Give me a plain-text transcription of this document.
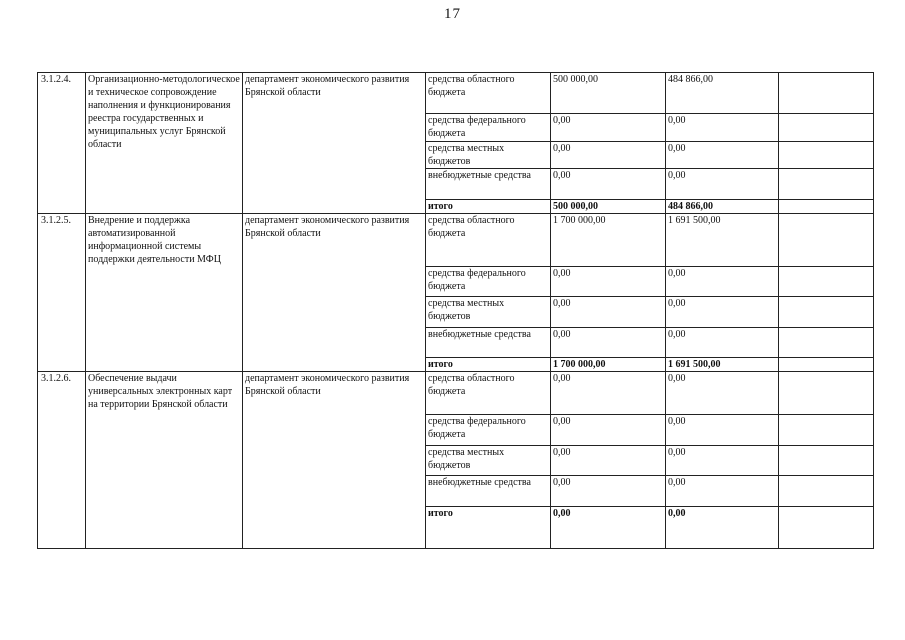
17
3.1.2.4.	Организационно-методологическое и техническое сопровождение наполнения и функционирования реестра государственных и муниципальных услуг Брянской области	департамент экономического развития Брянской области	средства областного бюджета	500 000,00	484 866,00	
			средства федерального бюджета	0,00	0,00	
			средства местных бюджетов	0,00	0,00	
			внебюджетные средства	0,00	0,00	
			итого	500 000,00	484 866,00	
3.1.2.5.	Внедрение и поддержка автоматизированной информационной системы поддержки деятельности МФЦ	департамент экономического развития Брянской области	средства областного бюджета	1 700 000,00	1 691 500,00	
			средства федерального бюджета	0,00	0,00	
			средства местных бюджетов	0,00	0,00	
			внебюджетные средства	0,00	0,00	
			итого	1 700 000,00	1 691 500,00	
3.1.2.6.	Обеспечение выдачи универсальных электронных карт на территории Брянской области	департамент экономического развития Брянской области	средства областного бюджета	0,00	0,00	
			средства федерального бюджета	0,00	0,00	
			средства местных бюджетов	0,00	0,00	
			внебюджетные средства	0,00	0,00	
			итого	0,00	0,00	
